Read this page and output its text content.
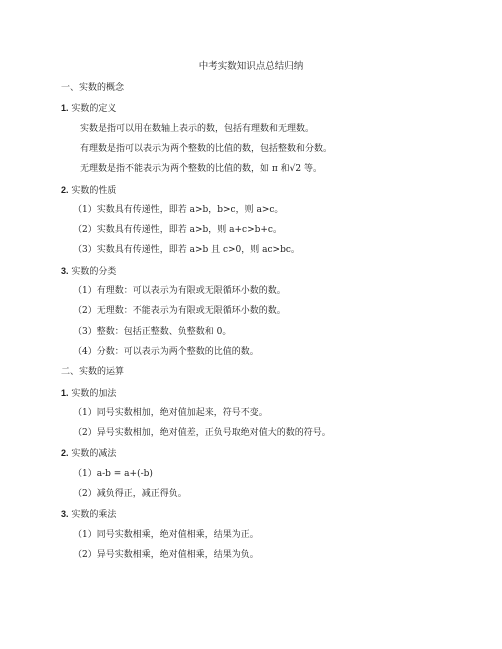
中考实数知识点总结归纳
一、实数的概念
1. 实数的定义
实数是指可以用在数轴上表示的数，包括有理数和无理数。
有理数是指可以表示为两个整数的比值的数，包括整数和分数。
无理数是指不能表示为两个整数的比值的数，如 π 和√2 等。
2. 实数的性质
（1）实数具有传递性，即若 a>b，b>c，则 a>c。
（2）实数具有传递性，即若 a>b，则 a+c>b+c。
（3）实数具有传递性，即若 a>b 且 c>0，则 ac>bc。
3. 实数的分类
（1）有理数：可以表示为有限或无限循环小数的数。
（2）无理数：不能表示为有限或无限循环小数的数。
（3）整数：包括正整数、负整数和 0。
（4）分数：可以表示为两个整数的比值的数。
二、实数的运算
1. 实数的加法
（1）同号实数相加，绝对值加起来，符号不变。
（2）异号实数相加，绝对值差，正负号取绝对值大的数的符号。
2. 实数的减法
（1）a-b = a+(-b)
（2）减负得正，减正得负。
3. 实数的乘法
（1）同号实数相乘，绝对值相乘，结果为正。
（2）异号实数相乘，绝对值相乘，结果为负。
